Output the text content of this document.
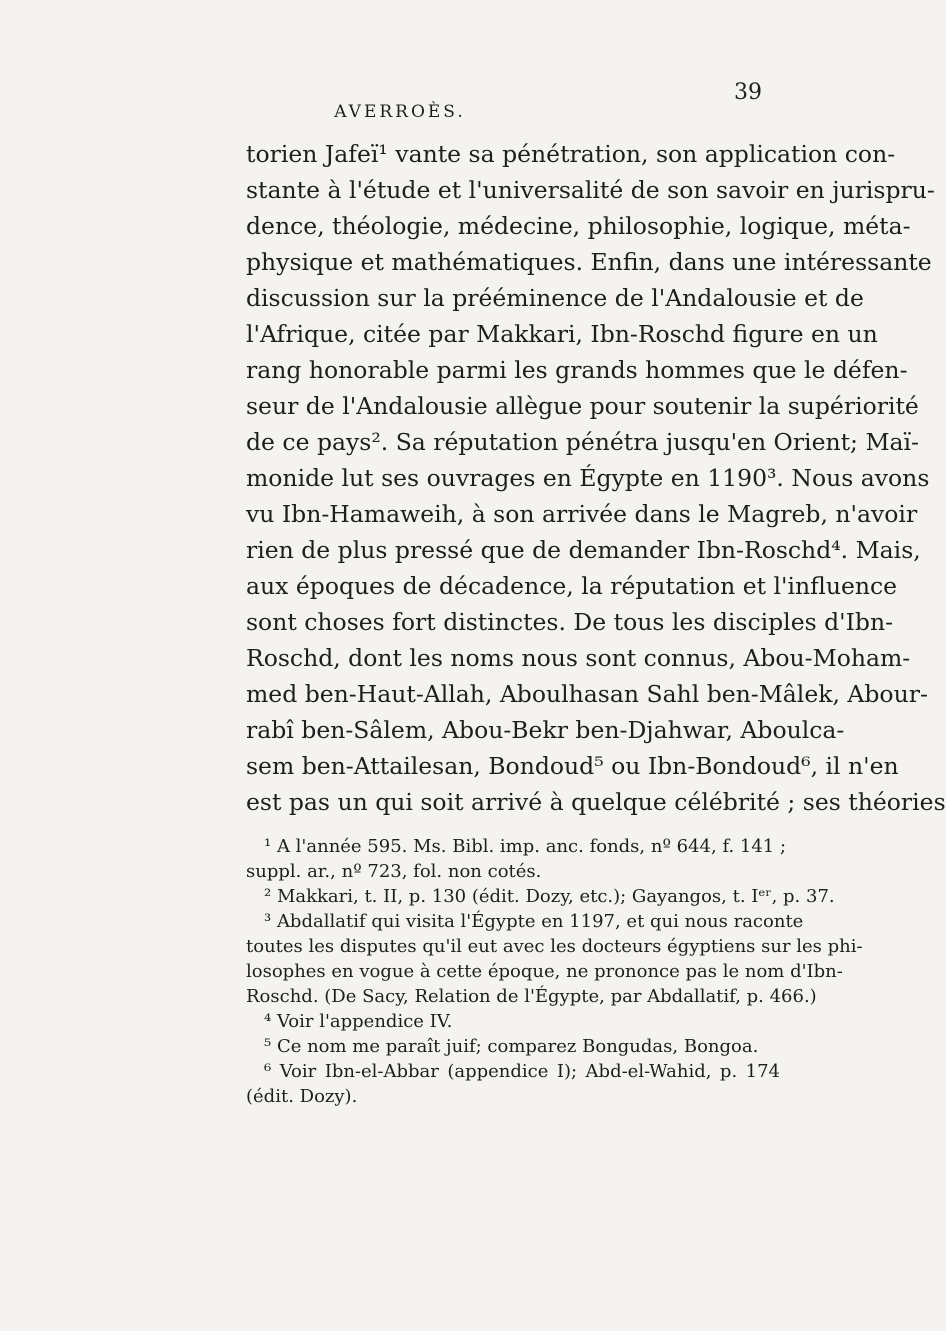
AVERROÈS.
39
torien Jafeï¹ vante sa pénétration, son application con-
stante à l'étude et l'universalité de son savoir en jurispru-
dence, théologie, médecine, philosophie, logique, méta-
physique et mathématiques. Enfin, dans une intéressante
discussion sur la prééminence de l'Andalousie et de
l'Afrique, citée par Makkari, Ibn-Roschd figure en un
rang honorable parmi les grands hommes que le défen-
seur de l'Andalousie allègue pour soutenir la supériorité
de ce pays². Sa réputation pénétra jusqu'en Orient; Maï-
monide lut ses ouvrages en Égypte en 1190³. Nous avons
vu Ibn-Hamaweih, à son arrivée dans le Magreb, n'avoir
rien de plus pressé que de demander Ibn-Roschd⁴. Mais,
aux époques de décadence, la réputation et l'influence
sont choses fort distinctes. De tous les disciples d'Ibn-
Roschd, dont les noms nous sont connus, Abou-Moham-
med ben-Haut-Allah, Aboulhasan Sahl ben-Mâlek, Abour-
rabî ben-Sâlem, Abou-Bekr ben-Djahwar, Aboulca-
sem ben-Attailesan, Bondoud⁵ ou Ibn-Bondoud⁶, il n'en
est pas un qui soit arrivé à quelque célébrité ; ses théories
¹ A l'année 595. Ms. Bibl. imp. anc. fonds, nº 644, f. 141 ;
suppl. ar., nº 723, fol. non cotés.
² Makkari, t. II, p. 130 (édit. Dozy, etc.); Gayangos, t. Iᵉʳ, p. 37.
³ Abdallatif qui visita l'Égypte en 1197, et qui nous raconte
toutes les disputes qu'il eut avec les docteurs égyptiens sur les phi-
losophes en vogue à cette époque, ne prononce pas le nom d'Ibn-
Roschd. (De Sacy, Relation de l'Égypte, par Abdallatif, p. 466.)
⁴ Voir l'appendice IV.
⁵ Ce nom me paraît juif; comparez Bongudas, Bongoa.
⁶ Voir Ibn-el-Abbar (appendice I); Abd-el-Wahid, p. 174
(édit. Dozy).
